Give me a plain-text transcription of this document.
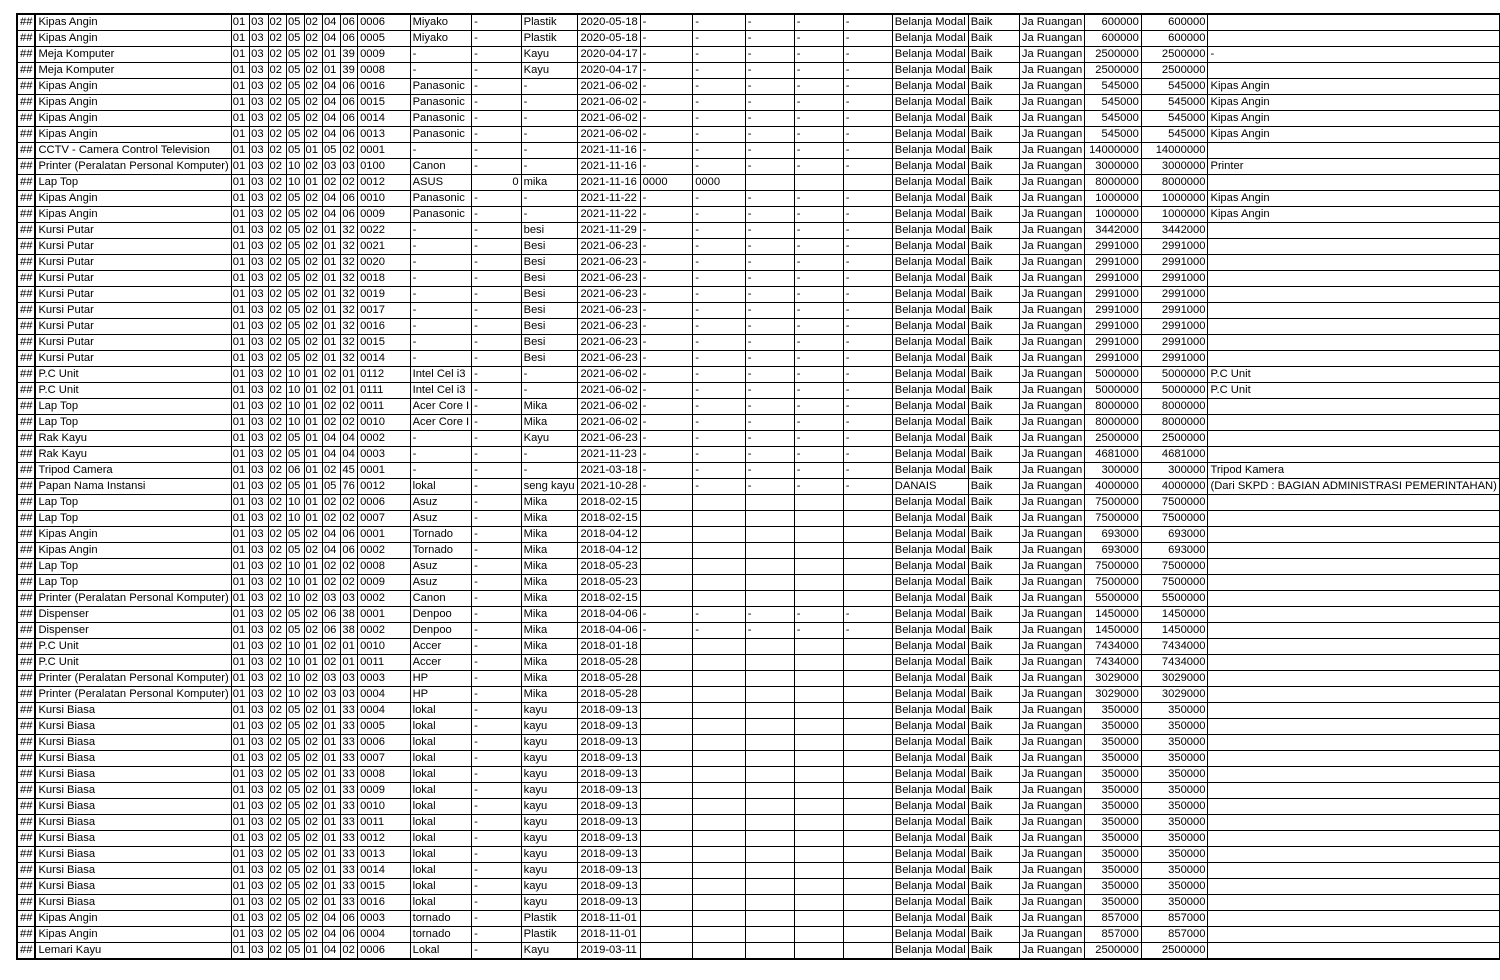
##	Kipas Angin	01	03	02	05	02	04	06	0006	Miyako	-	Plastik	2020-05-18	-	-	-	-	-	Belanja Modal	Baik	Ja Ruangan	600000	600000	
##	Kipas Angin	01	03	02	05	02	04	06	0005	Miyako	-	Plastik	2020-05-18	-	-	-	-	-	Belanja Modal	Baik	Ja Ruangan	600000	600000	
##	Meja Komputer	01	03	02	05	02	01	39	0009	-	-	Kayu	2020-04-17	-	-	-	-	-	Belanja Modal	Baik	Ja Ruangan	2500000	2500000	-
##	Meja Komputer	01	03	02	05	02	01	39	0008	-	-	Kayu	2020-04-17	-	-	-	-	-	Belanja Modal	Baik	Ja Ruangan	2500000	2500000	
##	Kipas Angin	01	03	02	05	02	04	06	0016	Panasonic	-	-	2021-06-02	-	-	-	-	-	Belanja Modal	Baik	Ja Ruangan	545000	545000	Kipas Angin
##	Kipas Angin	01	03	02	05	02	04	06	0015	Panasonic	-	-	2021-06-02	-	-	-	-	-	Belanja Modal	Baik	Ja Ruangan	545000	545000	Kipas Angin
##	Kipas Angin	01	03	02	05	02	04	06	0014	Panasonic	-	-	2021-06-02	-	-	-	-	-	Belanja Modal	Baik	Ja Ruangan	545000	545000	Kipas Angin
##	Kipas Angin	01	03	02	05	02	04	06	0013	Panasonic	-	-	2021-06-02	-	-	-	-	-	Belanja Modal	Baik	Ja Ruangan	545000	545000	Kipas Angin
##	CCTV - Camera Control Television	01	03	02	05	01	05	02	0001	-	-	-	2021-11-16	-	-	-	-	-	Belanja Modal	Baik	Ja Ruangan	14000000	14000000	
##	Printer (Peralatan Personal Komputer)	01	03	02	10	02	03	03	0100	Canon	-	-	2021-11-16	-	-	-	-	-	Belanja Modal	Baik	Ja Ruangan	3000000	3000000	Printer
##	Lap Top	01	03	02	10	01	02	02	0012	ASUS	0	mika	2021-11-16	0000	0000				Belanja Modal	Baik	Ja Ruangan	8000000	8000000	
##	Kipas Angin	01	03	02	05	02	04	06	0010	Panasonic	-	-	2021-11-22	-	-	-	-	-	Belanja Modal	Baik	Ja Ruangan	1000000	1000000	Kipas Angin
##	Kipas Angin	01	03	02	05	02	04	06	0009	Panasonic	-	-	2021-11-22	-	-	-	-	-	Belanja Modal	Baik	Ja Ruangan	1000000	1000000	Kipas Angin
##	Kursi Putar	01	03	02	05	02	01	32	0022	-	-	besi	2021-11-29	-	-	-	-	-	Belanja Modal	Baik	Ja Ruangan	3442000	3442000	
##	Kursi Putar	01	03	02	05	02	01	32	0021	-	-	Besi	2021-06-23	-	-	-	-	-	Belanja Modal	Baik	Ja Ruangan	2991000	2991000	
##	Kursi Putar	01	03	02	05	02	01	32	0020	-	-	Besi	2021-06-23	-	-	-	-	-	Belanja Modal	Baik	Ja Ruangan	2991000	2991000	
##	Kursi Putar	01	03	02	05	02	01	32	0018	-	-	Besi	2021-06-23	-	-	-	-	-	Belanja Modal	Baik	Ja Ruangan	2991000	2991000	
##	Kursi Putar	01	03	02	05	02	01	32	0019	-	-	Besi	2021-06-23	-	-	-	-	-	Belanja Modal	Baik	Ja Ruangan	2991000	2991000	
##	Kursi Putar	01	03	02	05	02	01	32	0017	-	-	Besi	2021-06-23	-	-	-	-	-	Belanja Modal	Baik	Ja Ruangan	2991000	2991000	
##	Kursi Putar	01	03	02	05	02	01	32	0016	-	-	Besi	2021-06-23	-	-	-	-	-	Belanja Modal	Baik	Ja Ruangan	2991000	2991000	
##	Kursi Putar	01	03	02	05	02	01	32	0015	-	-	Besi	2021-06-23	-	-	-	-	-	Belanja Modal	Baik	Ja Ruangan	2991000	2991000	
##	Kursi Putar	01	03	02	05	02	01	32	0014	-	-	Besi	2021-06-23	-	-	-	-	-	Belanja Modal	Baik	Ja Ruangan	2991000	2991000	
##	P.C Unit	01	03	02	10	01	02	01	0112	Intel Cel i3	-	-	2021-06-02	-	-	-	-	-	Belanja Modal	Baik	Ja Ruangan	5000000	5000000	P.C Unit
##	P.C Unit	01	03	02	10	01	02	01	0111	Intel Cel i3	-	-	2021-06-02	-	-	-	-	-	Belanja Modal	Baik	Ja Ruangan	5000000	5000000	P.C Unit
##	Lap Top	01	03	02	10	01	02	02	0011	Acer Core I	-	Mika	2021-06-02	-	-	-	-	-	Belanja Modal	Baik	Ja Ruangan	8000000	8000000	
##	Lap Top	01	03	02	10	01	02	02	0010	Acer Core I	-	Mika	2021-06-02	-	-	-	-	-	Belanja Modal	Baik	Ja Ruangan	8000000	8000000	
##	Rak Kayu	01	03	02	05	01	04	04	0002	-	-	Kayu	2021-06-23	-	-	-	-	-	Belanja Modal	Baik	Ja Ruangan	2500000	2500000	
##	Rak Kayu	01	03	02	05	01	04	04	0003	-	-	-	2021-11-23	-	-	-	-	-	Belanja Modal	Baik	Ja Ruangan	4681000	4681000	
##	Tripod Camera	01	03	02	06	01	02	45	0001	-	-	-	2021-03-18	-	-	-	-	-	Belanja Modal	Baik	Ja Ruangan	300000	300000	Tripod Kamera
##	Papan Nama Instansi	01	03	02	05	01	05	76	0012	lokal	-	seng kayu	2021-10-28	-	-	-	-	-	DANAIS	Baik	Ja Ruangan	4000000	4000000	(Dari SKPD : BAGIAN ADMINISTRASI PEMERINTAHAN)
##	Lap Top	01	03	02	10	01	02	02	0006	Asuz	-	Mika	2018-02-15						Belanja Modal	Baik	Ja Ruangan	7500000	7500000	
##	Lap Top	01	03	02	10	01	02	02	0007	Asuz	-	Mika	2018-02-15						Belanja Modal	Baik	Ja Ruangan	7500000	7500000	
##	Kipas Angin	01	03	02	05	02	04	06	0001	Tornado	-	Mika	2018-04-12						Belanja Modal	Baik	Ja Ruangan	693000	693000	
##	Kipas Angin	01	03	02	05	02	04	06	0002	Tornado	-	Mika	2018-04-12						Belanja Modal	Baik	Ja Ruangan	693000	693000	
##	Lap Top	01	03	02	10	01	02	02	0008	Asuz	-	Mika	2018-05-23						Belanja Modal	Baik	Ja Ruangan	7500000	7500000	
##	Lap Top	01	03	02	10	01	02	02	0009	Asuz	-	Mika	2018-05-23						Belanja Modal	Baik	Ja Ruangan	7500000	7500000	
##	Printer (Peralatan Personal Komputer)	01	03	02	10	02	03	03	0002	Canon	-	Mika	2018-02-15						Belanja Modal	Baik	Ja Ruangan	5500000	5500000	
##	Dispenser	01	03	02	05	02	06	38	0001	Denpoo	-	Mika	2018-04-06	-	-	-	-	-	Belanja Modal	Baik	Ja Ruangan	1450000	1450000	
##	Dispenser	01	03	02	05	02	06	38	0002	Denpoo	-	Mika	2018-04-06	-	-	-	-	-	Belanja Modal	Baik	Ja Ruangan	1450000	1450000	
##	P.C Unit	01	03	02	10	01	02	01	0010	Accer	-	Mika	2018-01-18						Belanja Modal	Baik	Ja Ruangan	7434000	7434000	
##	P.C Unit	01	03	02	10	01	02	01	0011	Accer	-	Mika	2018-05-28						Belanja Modal	Baik	Ja Ruangan	7434000	7434000	
##	Printer (Peralatan Personal Komputer)	01	03	02	10	02	03	03	0003	HP	-	Mika	2018-05-28						Belanja Modal	Baik	Ja Ruangan	3029000	3029000	
##	Printer (Peralatan Personal Komputer)	01	03	02	10	02	03	03	0004	HP	-	Mika	2018-05-28						Belanja Modal	Baik	Ja Ruangan	3029000	3029000	
##	Kursi Biasa	01	03	02	05	02	01	33	0004	lokal	-	kayu	2018-09-13						Belanja Modal	Baik	Ja Ruangan	350000	350000	
##	Kursi Biasa	01	03	02	05	02	01	33	0005	lokal	-	kayu	2018-09-13						Belanja Modal	Baik	Ja Ruangan	350000	350000	
##	Kursi Biasa	01	03	02	05	02	01	33	0006	lokal	-	kayu	2018-09-13						Belanja Modal	Baik	Ja Ruangan	350000	350000	
##	Kursi Biasa	01	03	02	05	02	01	33	0007	lokal	-	kayu	2018-09-13						Belanja Modal	Baik	Ja Ruangan	350000	350000	
##	Kursi Biasa	01	03	02	05	02	01	33	0008	lokal	-	kayu	2018-09-13						Belanja Modal	Baik	Ja Ruangan	350000	350000	
##	Kursi Biasa	01	03	02	05	02	01	33	0009	lokal	-	kayu	2018-09-13						Belanja Modal	Baik	Ja Ruangan	350000	350000	
##	Kursi Biasa	01	03	02	05	02	01	33	0010	lokal	-	kayu	2018-09-13						Belanja Modal	Baik	Ja Ruangan	350000	350000	
##	Kursi Biasa	01	03	02	05	02	01	33	0011	lokal	-	kayu	2018-09-13						Belanja Modal	Baik	Ja Ruangan	350000	350000	
##	Kursi Biasa	01	03	02	05	02	01	33	0012	lokal	-	kayu	2018-09-13						Belanja Modal	Baik	Ja Ruangan	350000	350000	
##	Kursi Biasa	01	03	02	05	02	01	33	0013	lokal	-	kayu	2018-09-13						Belanja Modal	Baik	Ja Ruangan	350000	350000	
##	Kursi Biasa	01	03	02	05	02	01	33	0014	lokal	-	kayu	2018-09-13						Belanja Modal	Baik	Ja Ruangan	350000	350000	
##	Kursi Biasa	01	03	02	05	02	01	33	0015	lokal	-	kayu	2018-09-13						Belanja Modal	Baik	Ja Ruangan	350000	350000	
##	Kursi Biasa	01	03	02	05	02	01	33	0016	lokal	-	kayu	2018-09-13						Belanja Modal	Baik	Ja Ruangan	350000	350000	
##	Kipas Angin	01	03	02	05	02	04	06	0003	tornado	-	Plastik	2018-11-01						Belanja Modal	Baik	Ja Ruangan	857000	857000	
##	Kipas Angin	01	03	02	05	02	04	06	0004	tornado	-	Plastik	2018-11-01						Belanja Modal	Baik	Ja Ruangan	857000	857000	
##	Lemari Kayu	01	03	02	05	01	04	02	0006	Lokal	-	Kayu	2019-03-11						Belanja Modal	Baik	Ja Ruangan	2500000	2500000	
